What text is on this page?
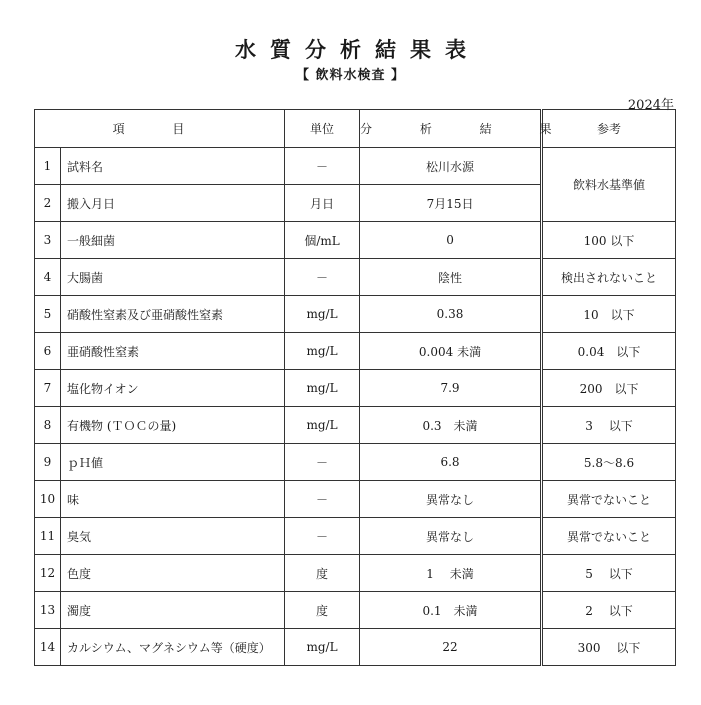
水質分析結果表
【 飲料水検査 】
2024年
項 目		単位	分 析 結 果	参考
1	試料名	－	松川水源	飲料水基準値
2	搬入月日	月日	7月15日	
3	一般細菌	個/mL	0	100 以下
4	大腸菌	－	陰性	検出されないこと
5	硝酸性窒素及び亜硝酸性窒素	mg/L	0.38	10　以下
6	亜硝酸性窒素	mg/L	0.004 未満	0.04　以下
7	塩化物イオン	mg/L	7.9	200　以下
8	有機物 (ＴＯＣの量)	mg/L	0.3　未満	3　 以下
9	ｐＨ値	－	6.8	5.8～8.6
10	味	－	異常なし	異常でないこと
11	臭気	－	異常なし	異常でないこと
12	色度	度	1　 未満	5　 以下
13	濁度	度	0.1　未満	2　 以下
14	カルシウム、マグネシウム等（硬度）	mg/L	22	300　 以下
